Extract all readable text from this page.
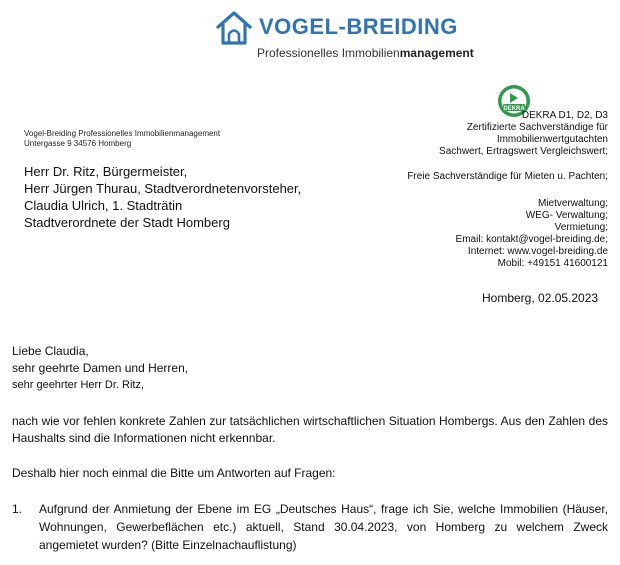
VOGEL-BREIDING
Professionelles Immobilienmanagement
DEKRA
DEKRA D1, D2, D3
Zertifizierte Sachverständige für
Immobilienwertgutachten
Sachwert, Ertragswert Vergleichswert;
Freie Sachverständige für Mieten u. Pachten;
Mietverwaltung;
WEG- Verwaltung;
Vermietung;
Email: kontakt@vogel-breiding.de;
Internet: www.vogel-breiding.de
Mobil: +49151 41600121
Vogel-Breiding Professionelles Immobilienmanagement
Untergasse 9 34576 Homberg
Herr Dr. Ritz, Bürgermeister,
Herr Jürgen Thurau, Stadtverordnetenvorsteher,
Claudia Ulrich, 1. Stadträtin
Stadtverordnete der Stadt Homberg
Homberg, 02.05.2023
Liebe Claudia,
sehr geehrte Damen und Herren,
sehr geehrter Herr Dr. Ritz,
nach wie vor fehlen konkrete Zahlen zur tatsächlichen wirtschaftlichen Situation Hombergs. Aus den Zahlen des Haushalts sind die Informationen nicht erkennbar.
Deshalb hier noch einmal die Bitte um Antworten auf Fragen:
1. Aufgrund der Anmietung der Ebene im EG „Deutsches Haus“, frage ich Sie, welche Immobilien (Häuser, Wohnungen, Gewerbeflächen etc.) aktuell, Stand 30.04.2023, von Homberg zu welchem Zweck angemietet wurden? (Bitte Einzelnachauflistung)
